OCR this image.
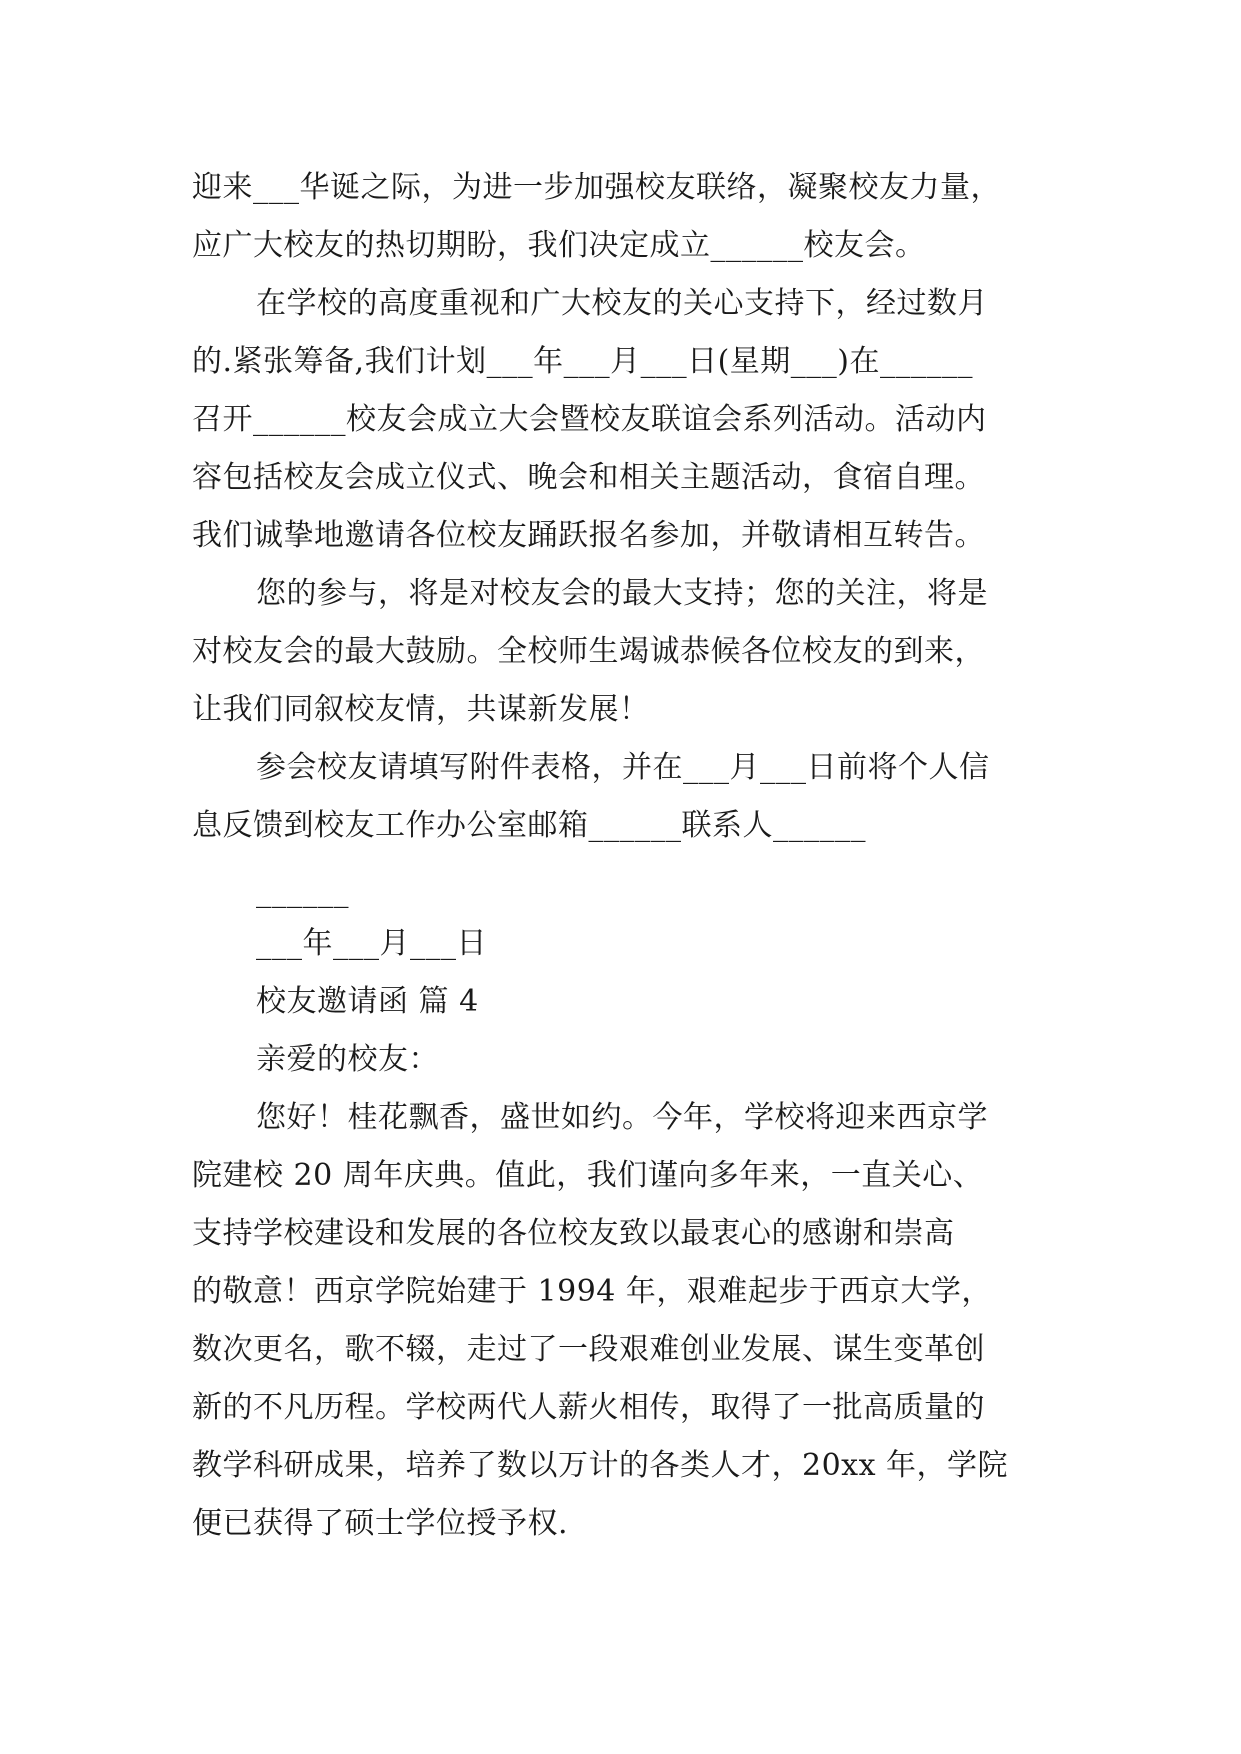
迎来___华诞之际，为进一步加强校友联络，凝聚校友力量，
应广大校友的热切期盼，我们决定成立______校友会。
在学校的高度重视和广大校友的关心支持下，经过数月
的.紧张筹备,我们计划___年___月___日(星期___)在______
召开______校友会成立大会暨校友联谊会系列活动。活动内
容包括校友会成立仪式、晚会和相关主题活动，食宿自理。
我们诚挚地邀请各位校友踊跃报名参加，并敬请相互转告。
您的参与，将是对校友会的最大支持；您的关注，将是
对校友会的最大鼓励。全校师生竭诚恭候各位校友的到来，
让我们同叙校友情，共谋新发展！
参会校友请填写附件表格，并在___月___日前将个人信
息反馈到校友工作办公室邮箱______联系人______
______
___年___月___日
校友邀请函 篇 4
亲爱的校友：
您好！桂花飘香，盛世如约。今年，学校将迎来西京学
院建校 20 周年庆典。值此，我们谨向多年来，一直关心、
支持学校建设和发展的各位校友致以最衷心的感谢和崇高
的敬意！西京学院始建于 1994 年，艰难起步于西京大学，
数次更名，歌不辍，走过了一段艰难创业发展、谋生变革创
新的不凡历程。学校两代人薪火相传，取得了一批高质量的
教学科研成果，培养了数以万计的各类人才，20xx 年，学院
便已获得了硕士学位授予权.
